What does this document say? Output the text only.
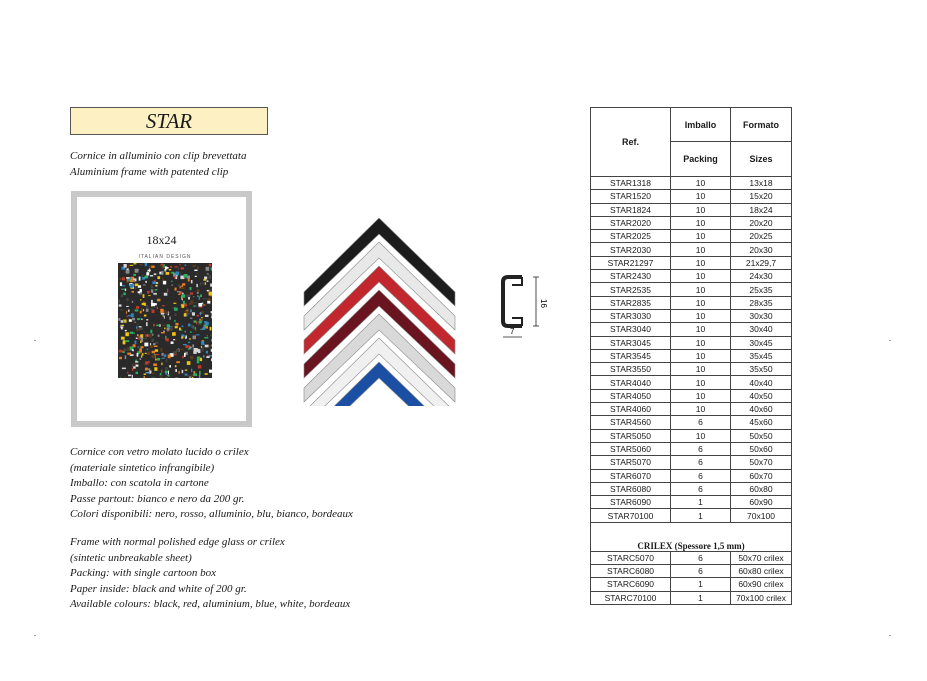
STAR
Cornice in alluminio con clip brevettata
Aluminium frame with patented clip
18x24
ITALIAN DESIGN
16
7
Cornice con vetro molato lucido o crilex
(materiale sintetico infrangibile)
Imballo: con scatola in cartone
Passe partout: bianco e nero da 200 gr.
Colori disponibili: nero, rosso, alluminio, blu, bianco, bordeaux
Frame with normal polished edge glass or crilex
(sintetic unbreakable sheet)
Packing: with single cartoon box
Paper inside: black and white of 200 gr.
Available colours: black, red, aluminium, blue, white, bordeaux
Ref.	Imballo	Formato
	Packing	Sizes
STAR1318	10	13x18
STAR1520	10	15x20
STAR1824	10	18x24
STAR2020	10	20x20
STAR2025	10	20x25
STAR2030	10	20x30
STAR21297	10	21x29,7
STAR2430	10	24x30
STAR2535	10	25x35
STAR2835	10	28x35
STAR3030	10	30x30
STAR3040	10	30x40
STAR3045	10	30x45
STAR3545	10	35x45
STAR3550	10	35x50
STAR4040	10	40x40
STAR4050	10	40x50
STAR4060	10	40x60
STAR4560	6	45x60
STAR5050	10	50x50
STAR5060	6	50x60
STAR5070	6	50x70
STAR6070	6	60x70
STAR6080	6	60x80
STAR6090	1	60x90
STAR70100	1	70x100
CRILEX (Spessore 1,5 mm)		
STARC5070	6	50x70 crilex
STARC6080	6	60x80 crilex
STARC6090	1	60x90 crilex
STARC70100	1	70x100 crilex
